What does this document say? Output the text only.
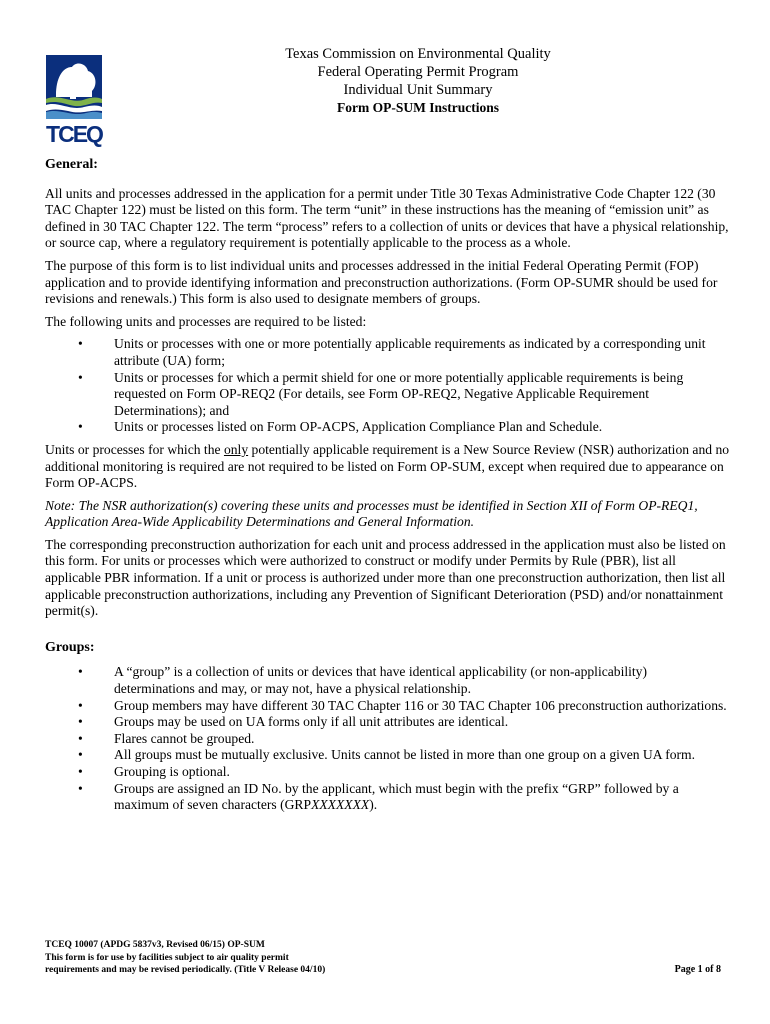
TCEQ
Texas Commission on Environmental Quality
Federal Operating Permit Program
Individual Unit Summary
Form OP-SUM Instructions
General:

All units and processes addressed in the application for a permit under Title 30 Texas Administrative Code Chapter 122 (30 TAC Chapter 122) must be listed on this form. The term “unit” in these instructions has the meaning of “emission unit” as defined in 30 TAC Chapter 122. The term “process” refers to a collection of units or devices that have a physical relationship, or source cap, where a regulatory requirement is potentially applicable to the process as a whole.

The purpose of this form is to list individual units and processes addressed in the initial Federal Operating Permit (FOP) application and to provide identifying information and preconstruction authorizations. (Form OP-SUMR should be used for revisions and renewals.) This form is also used to designate members of groups.

The following units and processes are required to be listed:

• Units or processes with one or more potentially applicable requirements as indicated by a corresponding unit attribute (UA) form;
• Units or processes for which a permit shield for one or more potentially applicable requirements is being requested on Form OP-REQ2 (For details, see Form OP-REQ2, Negative Applicable Requirement Determinations); and
• Units or processes listed on Form OP-ACPS, Application Compliance Plan and Schedule.

Units or processes for which the only potentially applicable requirement is a New Source Review (NSR) authorization and no additional monitoring is required are not required to be listed on Form OP-SUM, except when required due to appearance on Form OP-ACPS.

Note: The NSR authorization(s) covering these units and processes must be identified in Section XII of Form OP-REQ1, Application Area-Wide Applicability Determinations and General Information.

The corresponding preconstruction authorization for each unit and process addressed in the application must also be listed on this form. For units or processes which were authorized to construct or modify under Permits by Rule (PBR), list all applicable PBR information. If a unit or process is authorized under more than one preconstruction authorization, then list all applicable preconstruction authorizations, including any Prevention of Significant Deterioration (PSD) and/or nonattainment permit(s).

Groups:
• A “group” is a collection of units or devices that have identical applicability (or non-applicability) determinations and may, or may not, have a physical relationship.
• Group members may have different 30 TAC Chapter 116 or 30 TAC Chapter 106 preconstruction authorizations.
• Groups may be used on UA forms only if all unit attributes are identical.
• Flares cannot be grouped.
• All groups must be mutually exclusive. Units cannot be listed in more than one group on a given UA form.
• Grouping is optional.
• Groups are assigned an ID No. by the applicant, which must begin with the prefix “GRP” followed by a maximum of seven characters (GRPXXXXXXX).
TCEQ 10007 (APDG 5837v3, Revised 06/15) OP-SUM
This form is for use by facilities subject to air quality permit
requirements and may be revised periodically. (Title V Release 04/10)	Page 1 of 8
